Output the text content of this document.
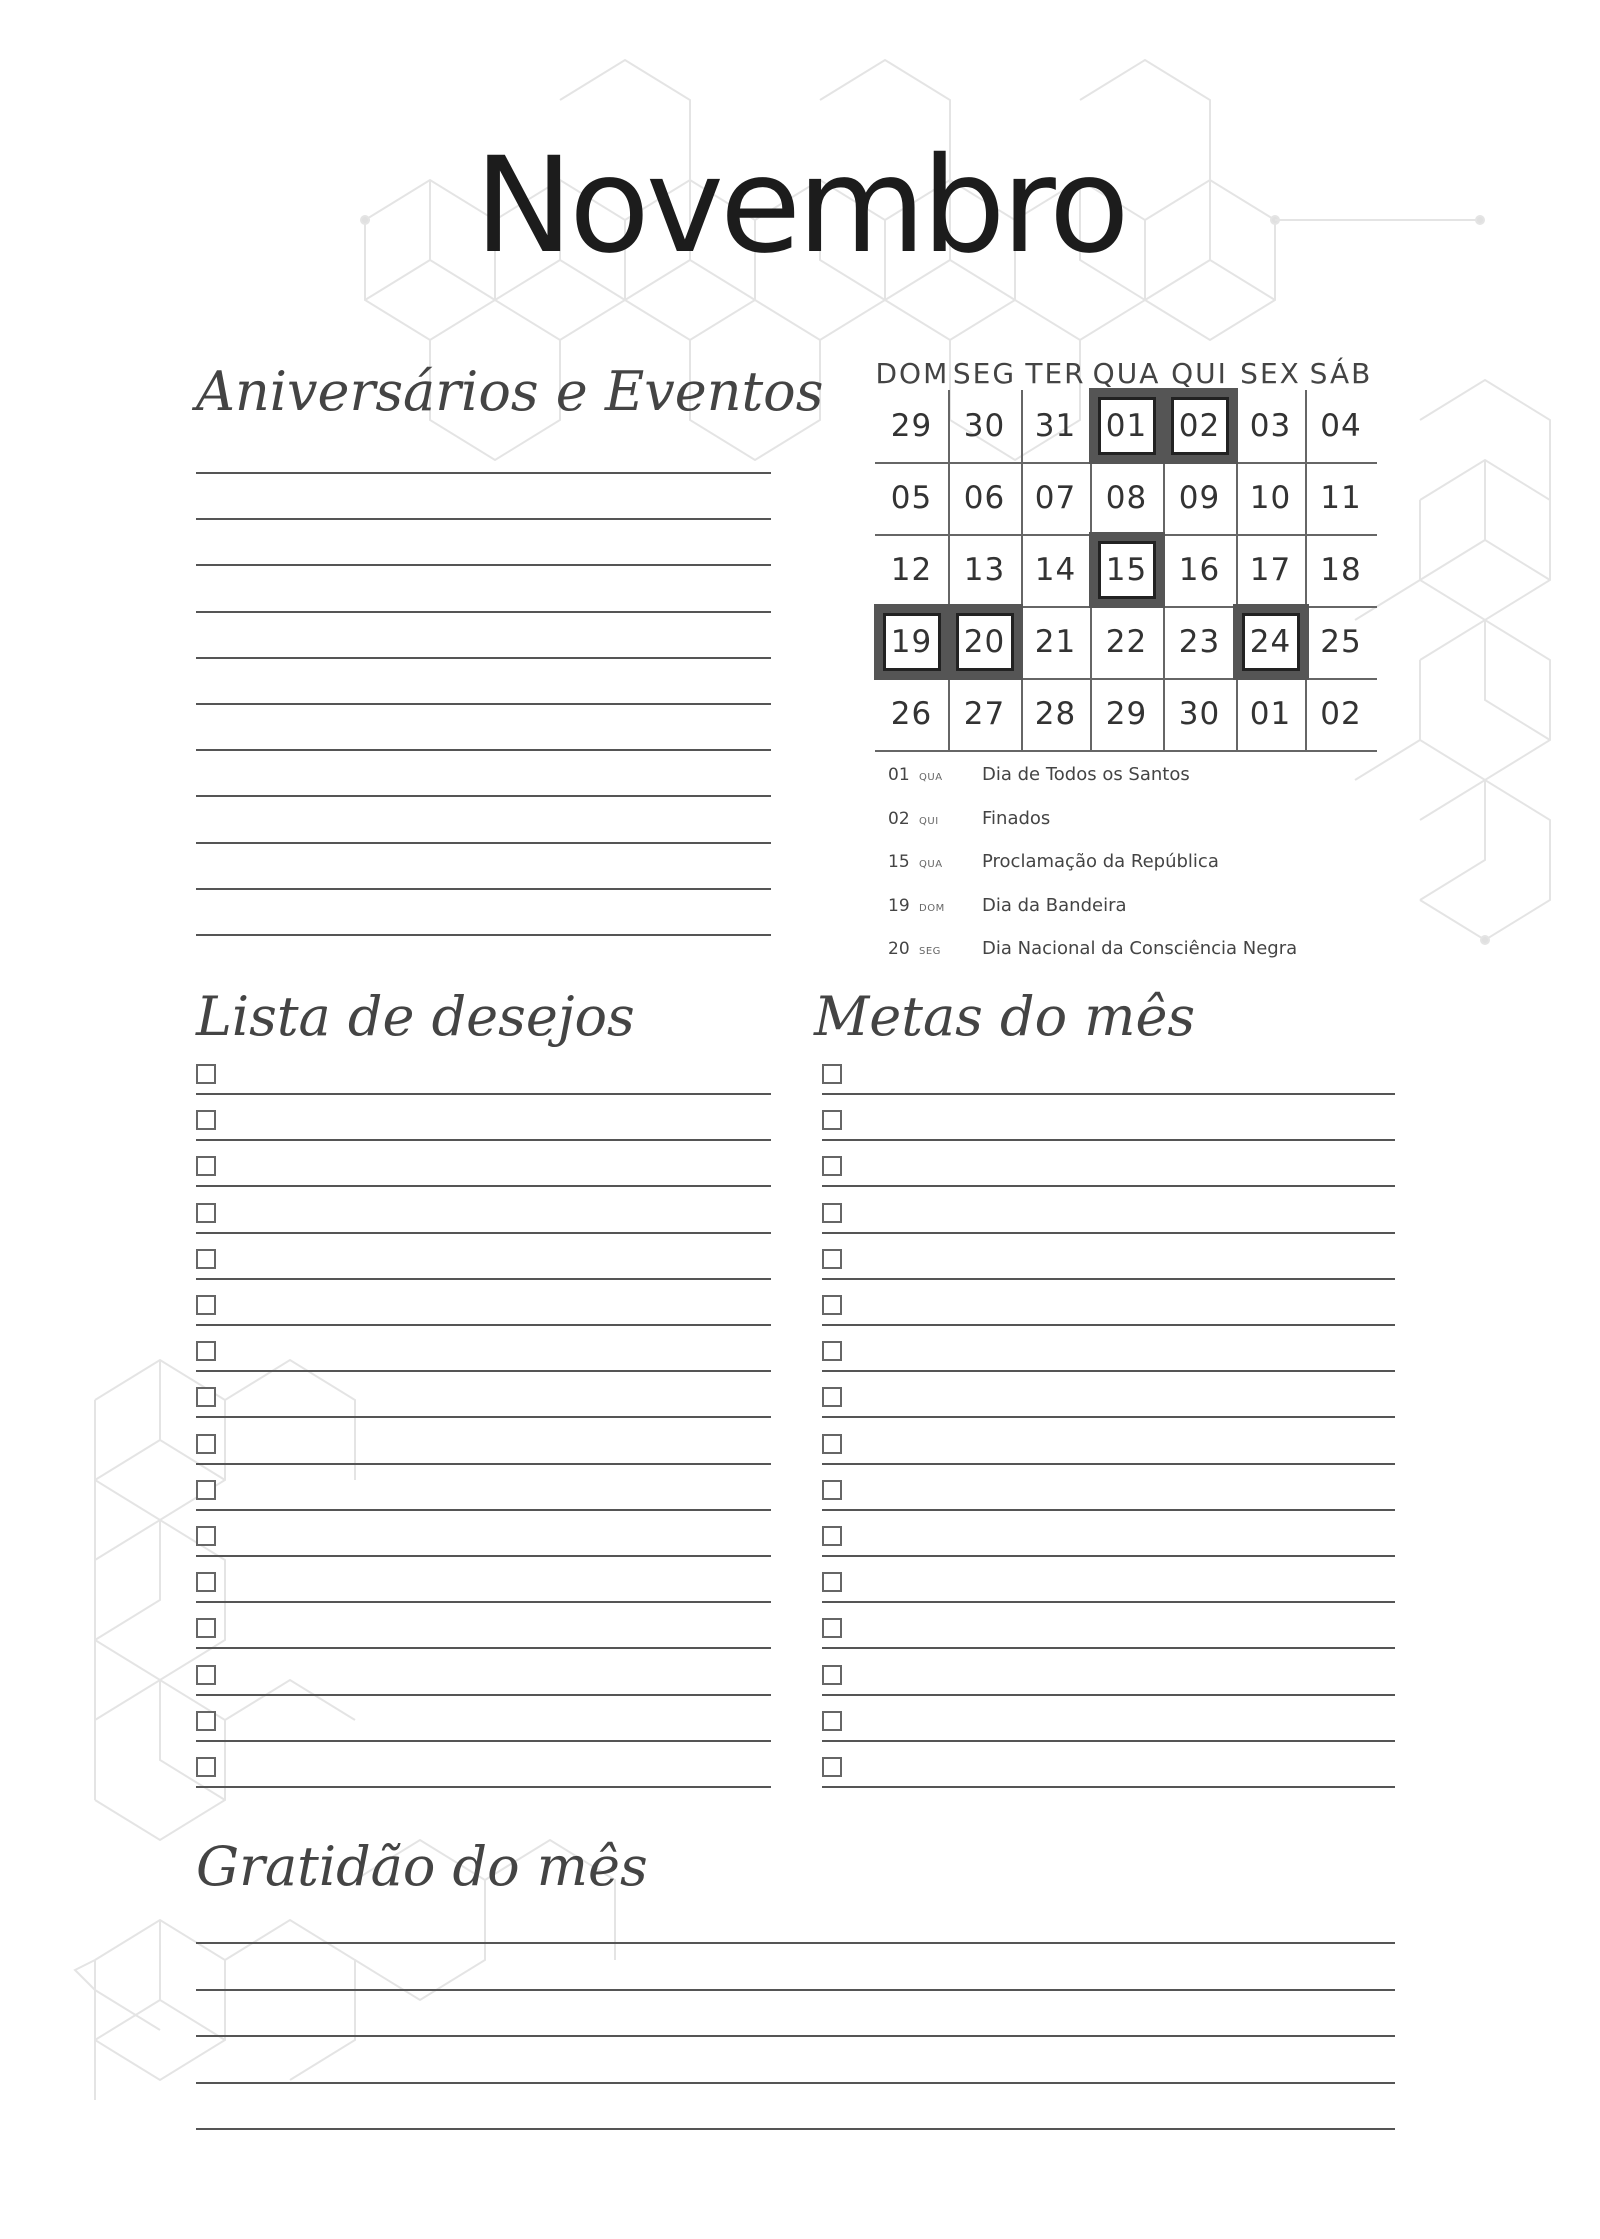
Novembro
Aniversários e Eventos
Lista de desejos	Metas do mês
Gratidão do mês
DOM SEG TER QUA QUI SEX SÁB
29	30 31 01 02 03 04
05	06 07 08	09 10 11
12	13 14 15	16 17 18
19 20 21 22	23 24 25
26	27 28 29	30 01 02
01 QUA	Dia de Todos os Santos
02 QUI	Finados
15 QUA	Proclamação da República
19 DOM	Dia da Bandeira
20 SEG	Dia Nacional da Consciência Negra
